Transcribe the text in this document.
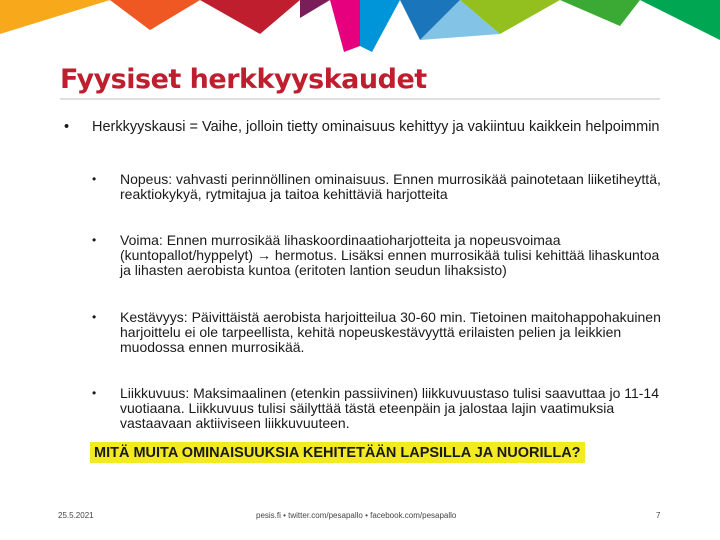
Fyysiset herkkyyskaudet
• Herkkyyskausi = Vaihe, jolloin tietty ominaisuus kehittyy ja vakiintuu kaikkein helpoimmin
• Nopeus: vahvasti perinnöllinen ominaisuus. Ennen murrosikää painotetaan liiketiheyttä, reaktiokykyä, rytmitajua ja taitoa kehittäviä harjotteita
• Voima: Ennen murrosikää lihaskoordinaatioharjotteita ja nopeusvoimaa (kuntopallot/hyppelyt) → hermotus. Lisäksi ennen murrosikää tulisi kehittää lihaskuntoa ja lihasten aerobista kuntoa (eritoten lantion seudun lihaksisto)
• Kestävyys: Päivittäistä aerobista harjoitteilua 30-60 min. Tietoinen maitohappohakuinen harjoittelu ei ole tarpeellista, kehitä nopeuskestävyyttä erilaisten pelien ja leikkien muodossa ennen murrosikää.
• Liikkuvuus: Maksimaalinen (etenkin passiivinen) liikkuvuustaso tulisi saavuttaa jo 11-14 vuotiaana. Liikkuvuus tulisi säilyttää tästä eteenpäin ja jalostaa lajin vaatimuksia vastaavaan aktiiviseen liikkuvuuteen.
MITÄ MUITA OMINAISUUKSIA KEHITETÄÄN LAPSILLA JA NUORILLA?
25.5.2021	pesis.fi • twitter.com/pesapallo • facebook.com/pesapallo	7
